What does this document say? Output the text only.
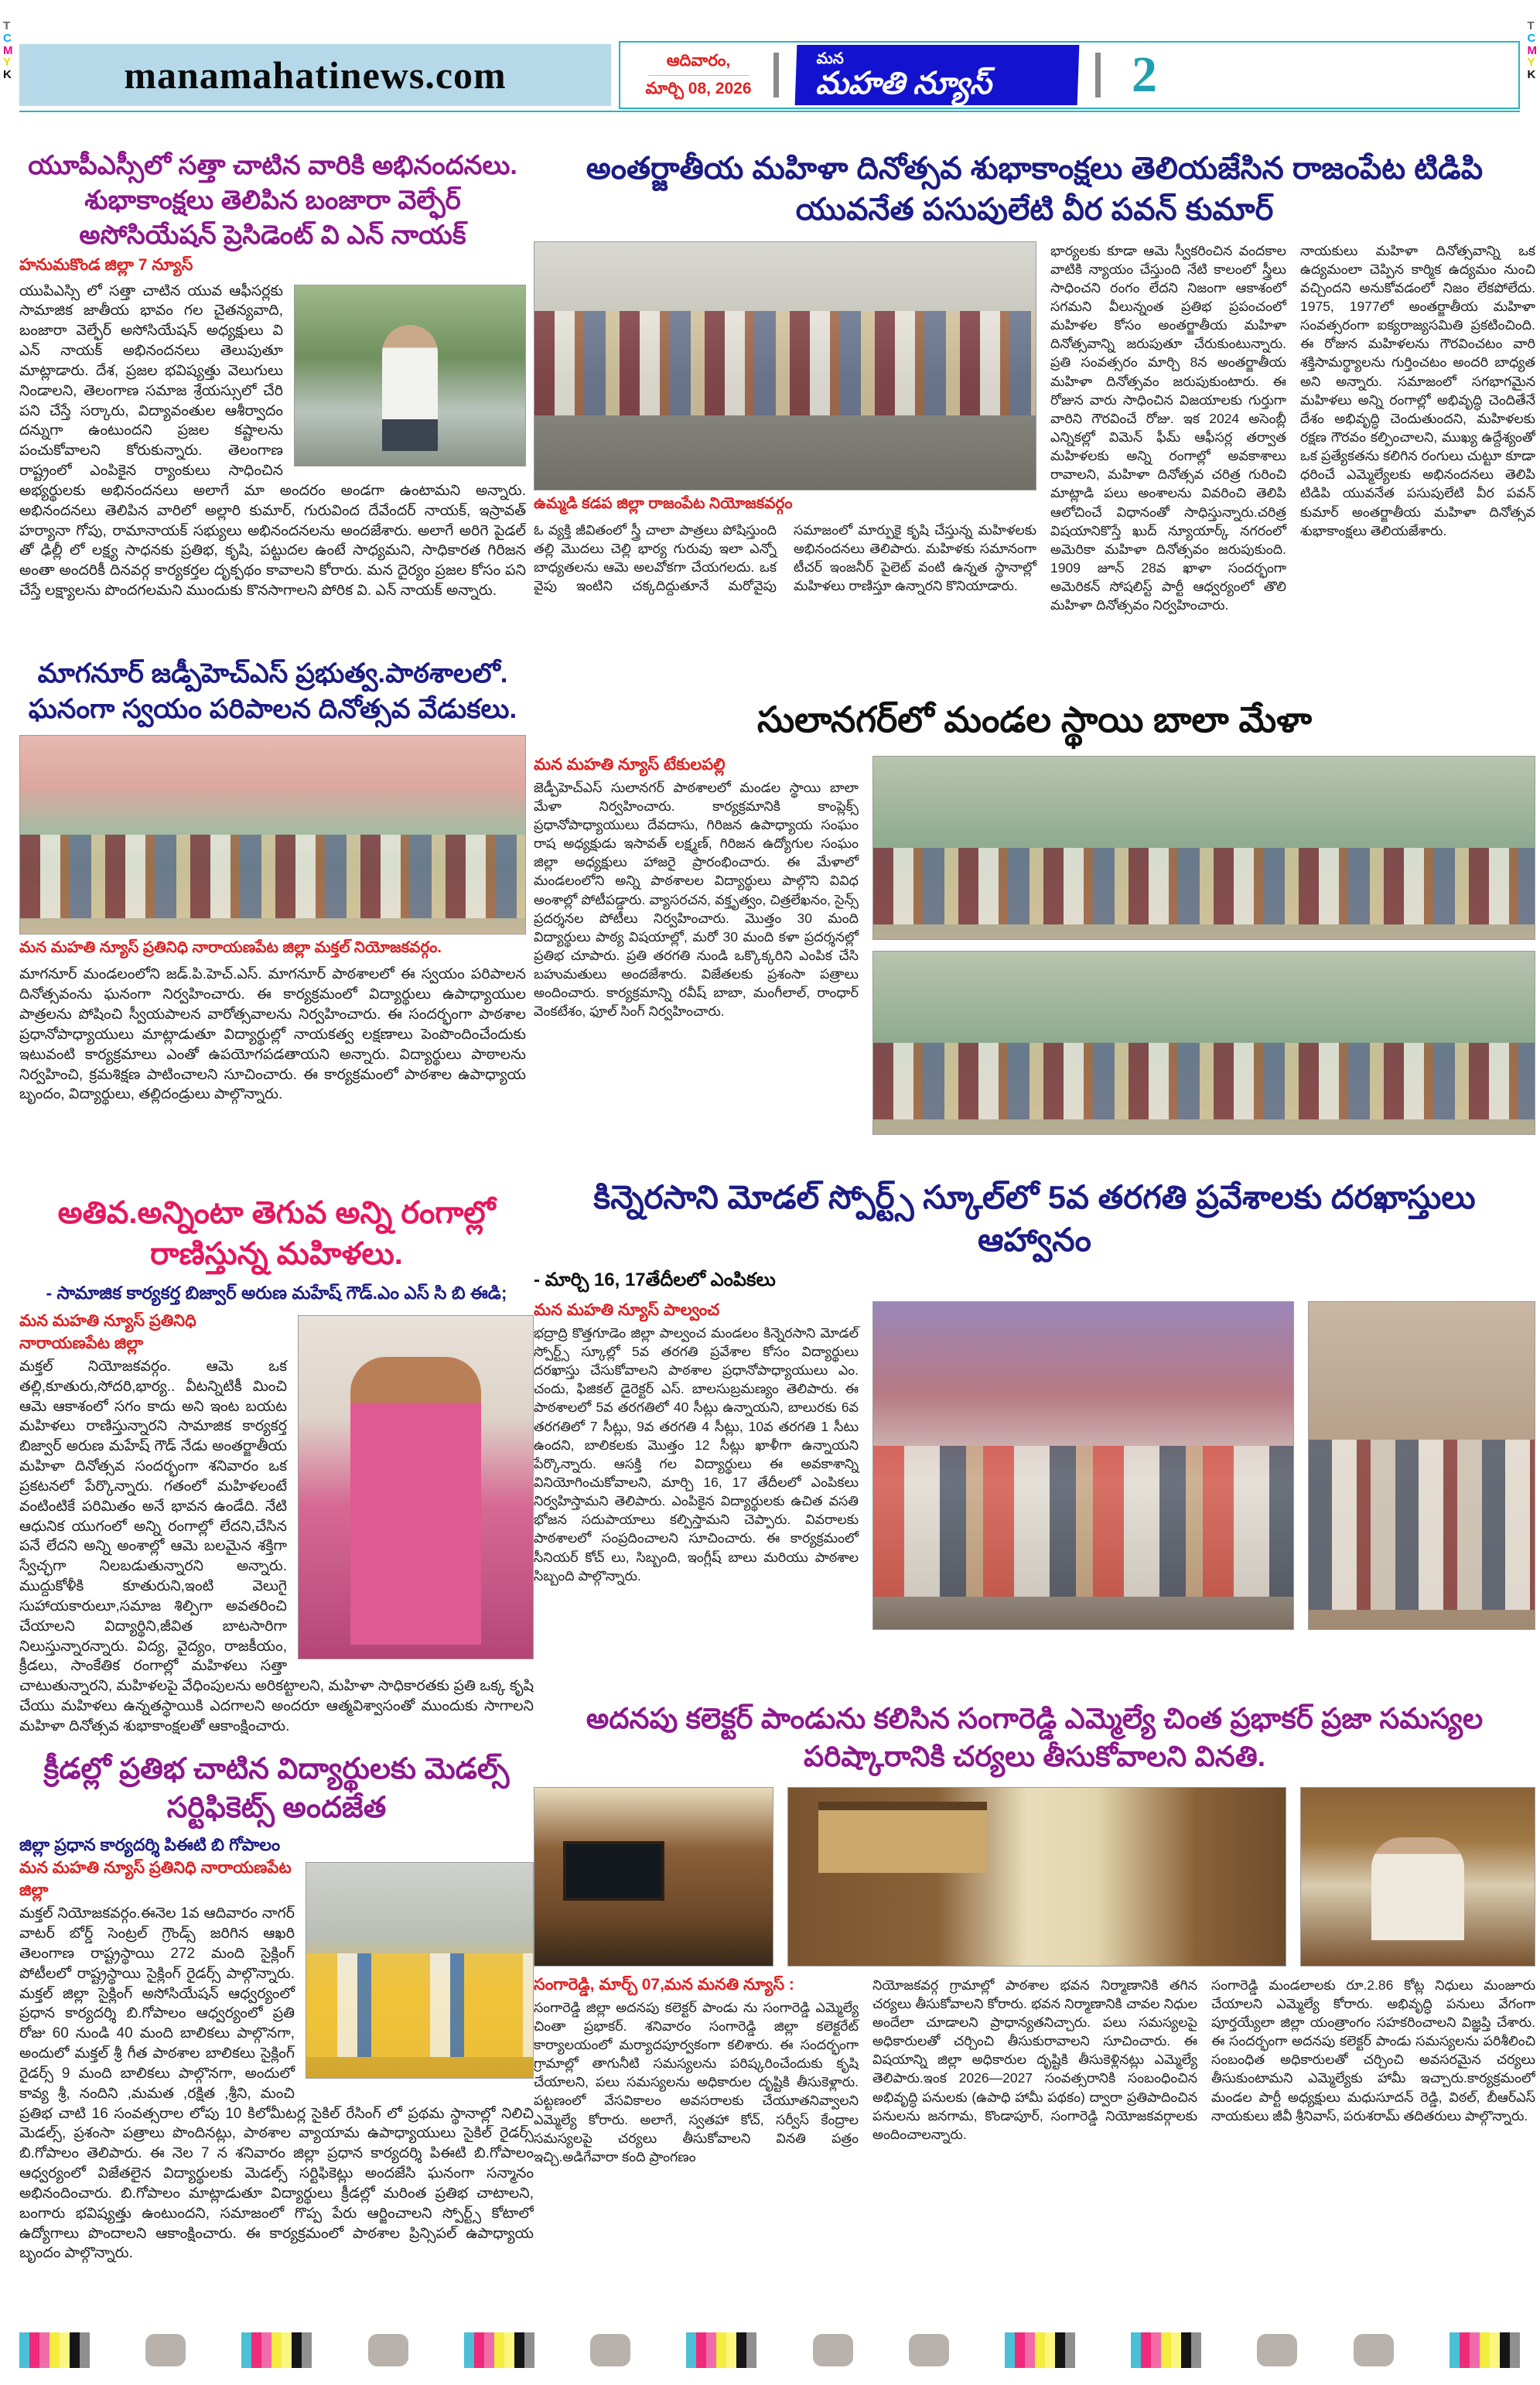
T
C
M
Y
K
T
C
M
Y
K
manamahatinews.com	ఆదివారం,
మార్చి 08, 2026
మన
మహతి న్యూస్	2
యూపీఎస్సీలో సత్తా చాటిన వారికి అభినందనలు. శుభాకాంక్షలు తెలిపిన బంజారా వెల్ఫేర్ అసోసియేషన్ ప్రెసిడెంట్ వి ఎన్ నాయక్
హనుమకొండ జిల్లా 7 న్యూస్

యుపిఎస్సి లో సత్తా చాటిన యువ ఆఫీసర్లకు సామాజిక జాతీయ భావం గల చైతన్యవాది, బంజారా వెల్ఫేర్ అసోసియేషన్ అధ్యక్షులు వి ఎన్ నాయక్ అభినందనలు తెలుపుతూ మాట్లాడారు. దేశ, ప్రజల భవిష్యత్తు వెలుగులు నిండాలని, తెలంగాణ సమాజ శ్రేయస్సులో చేరి పని చేస్తే సర్కారు, విద్యావంతుల ఆశీర్వాదం దన్నుగా ఉంటుందని ప్రజల కష్టాలను పంచుకోవాలని కోరుకున్నారు. తెలంగాణ రాష్ట్రంలో ఎంపికైన ర్యాంకులు సాధించిన అభ్యర్థులకు అభినందనలు అలాగే మా అందరం అండగా ఉంటామని అన్నారు. అభినందనలు తెలిపిన వారిలో అల్లారి కుమార్, గురువింద దేవేందర్ నాయక్, ఇస్రావత్ హర్యానా గోపు, రామానాయక్ సభ్యులు అభినందనలను అందజేశారు. అలాగే అరిగె పైడల్ తో ఢిల్లీ లో లక్ష్య సాధనకు ప్రతిభ, కృషి, పట్టుదల ఉంటే సాధ్యమని, సాధికారత గిరిజన అంతా అందరికీ దినవర్గ కార్యకర్తల దృక్పథం కావాలని కోరారు. మన దైర్యం ప్రజల కోసం పని చేస్తే లక్ష్యాలను పొందగలమని ముందుకు కొనసాగాలని పోరిక వి. ఎన్ నాయక్ అన్నారు.

మాగనూర్ జడ్పీహెచ్ఎస్ ప్రభుత్వ.పాఠశాలలో. ఘనంగా స్వయం పరిపాలన దినోత్సవ వేడుకలు.
మన మహతి న్యూస్ ప్రతినిధి నారాయణపేట జిల్లా మక్తల్ నియోజకవర్గం.

మాగనూర్ మండలంలోని జడ్.పి.హెచ్.ఎస్. మాగనూర్ పాఠశాలలో ఈ స్వయం పరిపాలన దినోత్సవంను ఘనంగా నిర్వహించారు. ఈ కార్యక్రమంలో విద్యార్థులు ఉపాధ్యాయుల పాత్రలను పోషించి స్వీయపాలన వారోత్సవాలను నిర్వహించారు. ఈ సందర్భంగా పాఠశాల ప్రధానోపాధ్యాయులు మాట్లాడుతూ విద్యార్థుల్లో నాయకత్వ లక్షణాలు పెంపొందించేందుకు ఇటువంటి కార్యక్రమాలు ఎంతో ఉపయోగపడతాయని అన్నారు. విద్యార్థులు పాఠాలను నిర్వహించి, క్రమశిక్షణ పాటించాలని సూచించారు. ఈ కార్యక్రమంలో పాఠశాల ఉపాధ్యాయ బృందం, విద్యార్థులు, తల్లిదండ్రులు పాల్గొన్నారు.

అతివ.అన్నింటా తెగువ అన్ని రంగాల్లో రాణిస్తున్న మహిళలు.
- సామాజిక కార్యకర్త బిజ్వార్ అరుణ మహేష్ గౌడ్.ఎం ఎస్ సి బి ఈడి;
మన మహతి న్యూస్ ప్రతినిధి నారాయణపేట జిల్లా

మక్తల్ నియోజకవర్గం. ఆమె ఒక తల్లి,కూతురు,సోదరి,భార్య.. వీటన్నిటికీ మించి ఆమె ఆకాశంలో సగం కాదు అని ఇంట బయట మహిళలు రాణిస్తున్నారని సామాజిక కార్యకర్త బిజ్వార్ అరుణ మహేష్ గౌడ్ నేడు అంతర్జాతీయ మహిళా దినోత్సవ సందర్భంగా శనివారం ఒక ప్రకటనలో పేర్కొన్నారు. గతంలో మహిళలంటే వంటింటికే పరిమితం అనే భావన ఉండేది. నేటి ఆధునిక యుగంలో అన్ని రంగాల్లో లేదని,చేసిన పనే లేదని అన్ని అంశాల్లో ఆమె బలమైన శక్తిగా స్వేచ్ఛగా నిలబడుతున్నారని అన్నారు. ముద్దుకోళీకి కూతురుని,ఇంటి వెలుగై సుహాయకారులూ,సమాజ శిల్పిగా అవతరించి చేయాలని విద్యార్థిని,జీవిత బాటసారిగా నిలుస్తున్నారన్నారు. విద్య, వైద్యం, రాజకీయం, క్రీడలు, సాంకేతిక రంగాల్లో మహిళలు సత్తా చాటుతున్నారని, మహిళలపై వేధింపులను అరికట్టాలని, మహిళా సాధికారతకు ప్రతి ఒక్క కృషి చేయు మహిళలు ఉన్నతస్థాయికి ఎదగాలని అందరూ ఆత్మవిశ్వాసంతో ముందుకు సాగాలని మహిళా దినోత్సవ శుభాకాంక్షలతో ఆకాంక్షించారు.

క్రీడల్లో ప్రతిభ చాటిన విద్యార్థులకు మెడల్స్ సర్టిఫికెట్స్ అందజేత
జిల్లా ప్రధాన కార్యదర్శి పిఈటి బి గోపాలం
మన మహతి న్యూస్ ప్రతినిధి నారాయణపేట జిల్లా

మక్తల్ నియోజకవర్గం.ఈనెల 1వ ఆదివారం నాగర్ వాటర్ బోర్డ్ సెంట్రల్ గ్రౌండ్స్ జరిగిన ఆఖరి తెలంగాణ రాష్ట్రస్థాయి 272 మంది సైక్లింగ్ పోటీలలో రాష్ట్రస్థాయి సైక్లింగ్ రైడర్స్ పాల్గొన్నారు. మక్తల్ జిల్లా సైక్లింగ్ అసోసియేషన్ ఆధ్వర్యంలో ప్రధాన కార్యదర్శి బి.గోపాలం ఆధ్వర్యంలో ప్రతి రోజు 60 నుండి 40 మంది బాలికలు పాల్గొనగా, అందులో మక్తల్ శ్రీ గీత పాఠశాల బాలికలు సైక్లింగ్ రైడర్స్ 9 మంది బాలికలు పాల్గొనగా, అందులో కావ్య శ్రీ, నందిని ,మమత ,రక్షిత ,శ్రీని, మంచి ప్రతిభ చాటి 16 సంవత్సరాల లోపు 10 కిలోమీటర్ల సైకిల్ రేసింగ్ లో ప్రథమ స్థానాల్లో నిలిచి మెడల్స్, ప్రశంసా పత్రాలు పొందినట్లు, పాఠశాల వ్యాయామ ఉపాధ్యాయులు సైకిల్ రైడర్స్ బి.గోపాలం తెలిపారు. ఈ నెల 7 న శనివారం జిల్లా ప్రధాన కార్యదర్శి పిఈటి బి.గోపాలం ఆధ్వర్యంలో విజేతలైన విద్యార్థులకు మెడల్స్ సర్టిఫికెట్లు అందజేసి ఘనంగా సన్మానం అభినందించారు. బి.గోపాలం మాట్లాడుతూ విద్యార్థులు క్రీడల్లో మరింత ప్రతిభ చాటాలని, బంగారు భవిష్యత్తు ఉంటుందని, సమాజంలో గొప్ప పేరు ఆర్జించాలని స్పోర్ట్స్ కోటాలో ఉద్యోగాలు పొందాలని ఆకాంక్షించారు. ఈ కార్యక్రమంలో పాఠశాల ప్రిన్సిపల్ ఉపాధ్యాయ బృందం పాల్గొన్నారు.

అంతర్జాతీయ మహిళా దినోత్సవ శుభాకాంక్షలు తెలియజేసిన రాజంపేట టిడిపి యువనేత పసుపులేటి వీర పవన్ కుమార్
ఉమ్మడి కడప జిల్లా రాజంపేట నియోజకవర్గం

ఓ వ్యక్తి జీవితంలో స్త్రీ చాలా పాత్రలు పోషిస్తుంది తల్లి మొదలు చెల్లి భార్య గురువు ఇలా ఎన్నో బాధ్యతలను ఆమె అలవోకగా చేయగలదు. ఒక వైపు ఇంటిని చక్కదిద్దుతూనే మరోవైపు సమాజంలో మార్పుకై కృషి చేస్తున్న మహిళలకు అభినందనలు తెలిపారు. మహిళకు సమానంగా టీచర్ ఇంజనీర్ పైలెట్ వంటి ఉన్నత స్థానాల్లో మహిళలు రాణిస్తూ ఉన్నారని కొనియాడారు.

భార్యలకు కూడా ఆమె స్వీకరించిన వందకాల వాటికి న్యాయం చేస్తుంది నేటి కాలంలో స్త్రీలు సాధించని రంగం లేదని నిజంగా ఆకాశంలో సగమని వీలున్నంత ప్రతిభ ప్రపంచంలో మహిళల కోసం అంతర్జాతీయ మహిళా దినోత్సవాన్ని జరుపుతూ చేరుకుంటున్నారు. ప్రతి సంవత్సరం మార్చి 8న అంతర్జాతీయ మహిళా దినోత్సవం జరుపుకుంటారు. ఈ రోజున వారు సాధించిన విజయాలకు గుర్తుగా వారిని గౌరవించే రోజు. ఇక 2024 అసెంబ్లీ ఎన్నికల్లో విమెన్ ఫీమ్ ఆఫీసర్ల తర్వాత మహిళలకు అన్ని రంగాల్లో అవకాశాలు రావాలని, మహిళా దినోత్సవ చరిత్ర గురించి మాట్లాడి పలు అంశాలను వివరించి తెలిపి ఆలోచించే విధానంతో సాధిస్తున్నారు.చరిత్ర విషయానికొస్తే ఖుద్ న్యూయార్క్ నగరంలో అమెరికా మహిళా దినోత్సవం జరుపుకుంది. 1909 జూన్ 28వ ఖాళా సందర్భంగా అమెరికన్ సోషలిస్ట్ పార్టీ ఆధ్వర్యంలో తొలి మహిళా దినోత్సవం నిర్వహించారు.

నాయకులు మహిళా దినోత్సవాన్ని ఒక ఉద్యమంలా చెప్పిన కార్మిక ఉద్యమం నుంచి వచ్చిందని అనుకోవడంలో నిజం లేకపోలేదు. 1975, 1977లో అంతర్జాతీయ మహిళా సంవత్సరంగా ఐక్యరాజ్యసమితి ప్రకటించింది. ఈ రోజున మహిళలను గౌరవించటం వారి శక్తిసామర్థ్యాలను గుర్తించటం అందరి బాధ్యత అని అన్నారు. సమాజంలో సగభాగమైన మహిళలు అన్ని రంగాల్లో అభివృద్ధి చెందితేనే దేశం అభివృద్ధి చెందుతుందని, మహిళలకు రక్షణ గౌరవం కల్పించాలని, ముఖ్య ఉద్దేశ్యంతో ఒక ప్రత్యేకతను కలిగిన రంగులు చుట్టూ కూడా ధరించే ఎమ్మెల్యేలకు అభినందనలు తెలిపి టిడిపి యువనేత పసుపులేటి వీర పవన్ కుమార్ అంతర్జాతీయ మహిళా దినోత్సవ శుభాకాంక్షలు తెలియజేశారు.

సులానగర్‌లో మండల స్థాయి బాలా మేళా
మన మహతి న్యూస్ టేకులపల్లి

జెడ్పీహెచ్ఎస్ సులానగర్ పాఠశాలలో మండల స్థాయి బాలా మేళా నిర్వహించారు. కార్యక్రమానికి కాంప్లెక్స్ ప్రధానోపాధ్యాయులు దేవదాసు, గిరిజన ఉపాధ్యాయ సంఘం రాష అధ్యక్షుడు ఇసావత్ లక్ష్మణ్, గిరిజన ఉద్యోగుల సంఘం జిల్లా అధ్యక్షులు హాజరై ప్రారంభించారు. ఈ మేళాలో మండలంలోని అన్ని పాఠశాలల విద్యార్థులు పాల్గొని వివిధ అంశాల్లో పోటీపడ్డారు. వ్యాసరచన, వక్తృత్వం, చిత్రలేఖనం, సైన్స్ ప్రదర్శనల పోటీలు నిర్వహించారు. మొత్తం 30 మంది విద్యార్థులు పాఠ్య విషయాల్లో, మరో 30 మంది కళా ప్రదర్శనల్లో ప్రతిభ చూపారు. ప్రతి తరగతి నుండి ఒక్కొక్కరిని ఎంపిక చేసి బహుమతులు అందజేశారు. విజేతలకు ప్రశంసా పత్రాలు అందించారు. కార్యక్రమాన్ని రవీష్ బాబా, మంగీలాల్, రాంధార్ వెంకటేశం, ఫూల్ సింగ్ నిర్వహించారు.

కిన్నెరసాని మోడల్ స్పోర్ట్స్ స్కూల్‌లో 5వ తరగతి ప్రవేశాలకు దరఖాస్తులు ఆహ్వానం
- మార్చి 16, 17తేదీలలో ఎంపికలు
మన మహతి న్యూస్ పాల్వంచ

భద్రాద్రి కొత్తగూడెం జిల్లా పాల్వంచ మండలం కిన్నెరసాని మోడల్ స్పోర్ట్స్ స్కూల్లో 5వ తరగతి ప్రవేశాల కోసం విద్యార్థులు దరఖాస్తు చేసుకోవాలని పాఠశాల ప్రధానోపాధ్యాయులు ఎం. చందు, ఫిజికల్ డైరెక్టర్ ఎస్. బాలసుబ్రమణ్యం తెలిపారు. ఈ పాఠశాలలో 5వ తరగతిలో 40 సీట్లు ఉన్నాయని, బాలురకు 6వ తరగతిలో 7 సీట్లు, 9వ తరగతి 4 సీట్లు, 10వ తరగతి 1 సీటు ఉందని, బాలికలకు మొత్తం 12 సీట్లు ఖాళీగా ఉన్నాయని పేర్కొన్నారు. ఆసక్తి గల విద్యార్థులు ఈ అవకాశాన్ని వినియోగించుకోవాలని, మార్చి 16, 17 తేదీలలో ఎంపికలు నిర్వహిస్తామని తెలిపారు. ఎంపికైన విద్యార్థులకు ఉచిత వసతి భోజన సదుపాయాలు కల్పిస్తామని చెప్పారు. వివరాలకు పాఠశాలలో సంప్రదించాలని సూచించారు. ఈ కార్యక్రమంలో సీనియర్ కోచ్ లు, సిబ్బంది, ఇంగ్లీష్ బాలు మరియు పాఠశాల సిబ్బంది పాల్గొన్నారు.

అదనపు కలెక్టర్ పాండును కలిసిన సంగారెడ్డి ఎమ్మెల్యే చింత ప్రభాకర్ ప్రజా సమస్యల పరిష్కారానికి చర్యలు తీసుకోవాలని వినతి.
సంగారెడ్డి, మార్చ్ 07,మన మనతి న్యూస్ :

సంగారెడ్డి జిల్లా అదనపు కలెక్టర్ పాండు ను సంగారెడ్డి ఎమ్మెల్యే చింతా ప్రభాకర్. శనివారం సంగారెడ్డి జిల్లా కలెక్టరేట్ కార్యాలయంలో మర్యాదపూర్వకంగా కలిశారు. ఈ సందర్భంగా గ్రామాల్లో తాగునీటి సమస్యలను పరిష్కరించేందుకు కృషి చేయాలని, పలు సమస్యలను అధికారుల దృష్టికి తీసుకెళ్లారు. పట్టణంలో వేసవికాలం అవసరాలకు చేయూతనివ్వాలని ఎమ్మెల్యే కోరారు. అలాగే, స్వతహా కోచ్, సర్వీస్ కేంద్రాల సమస్యలపై చర్యలు తీసుకోవాలని వినతి పత్రం ఇచ్చి.అడిగేవారా కంది ప్రాంగణం

నియోజకవర్గ గ్రామాల్లో పాఠశాల భవన నిర్మాణానికి తగిన చర్యలు తీసుకోవాలని కోరారు. భవన నిర్మాణానికి చావల నిధుల అందేలా చూడాలని ప్రాధాన్యతనిచ్చారు. పలు సమస్యలపై అధికారులతో చర్చించి తీసుకురావాలని సూచించారు. ఈ విషయాన్ని జిల్లా అధికారుల దృష్టికి తీసుకెళ్లినట్లు ఎమ్మెల్యే తెలిపారు.ఇంక 2026—2027 సంవత్సరానికి సంబంధించిన అభివృద్ధి పనులకు (ఉపాధి హామీ పథకం) ద్వారా ప్రతిపాదించిన పనులను జనగామ, కొండాపూర్, సంగారెడ్డి నియోజకవర్గాలకు అందించాలన్నారు.

సంగారెడ్డి మండలాలకు రూ.2.86 కోట్ల నిధులు మంజూరు చేయాలని ఎమ్మెల్యే కోరారు. అభివృద్ధి పనులు వేగంగా పూర్తయ్యేలా జిల్లా యంత్రాంగం సహకరించాలని విజ్ఞప్తి చేశారు. ఈ సందర్భంగా అదనపు కలెక్టర్ పాండు సమస్యలను పరిశీలించి సంబంధిత అధికారులతో చర్చించి అవసరమైన చర్యలు తీసుకుంటామని ఎమ్మెల్యేకు హామీ ఇచ్చారు.కార్యక్రమంలో మండల పార్టీ అధ్యక్షులు మధుసూదన్ రెడ్డి, విఠల్, బీఆర్ఎస్ నాయకులు జీవీ శ్రీనివాస్, పరుశరామ్ తదితరులు పాల్గొన్నారు.
